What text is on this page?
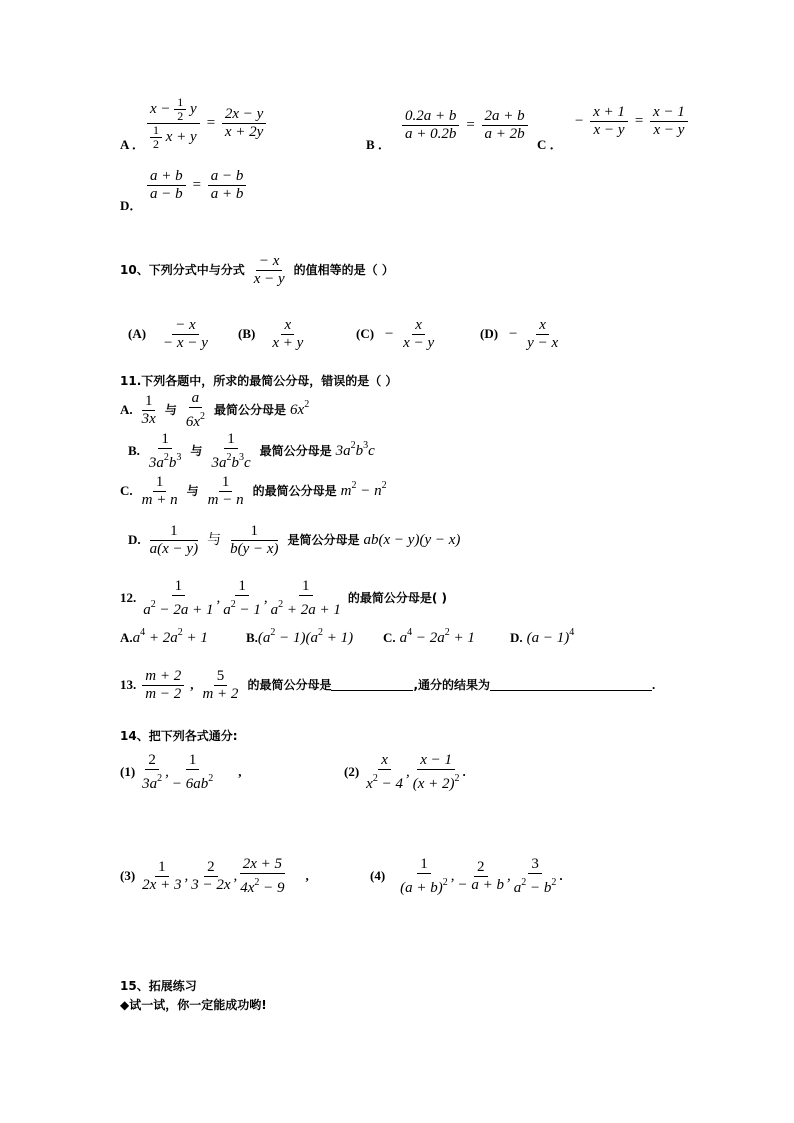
A ． $\frac{x - \frac{1}{2} y}{\frac{1}{2} x + y} = \frac{2x - y}{x + 2y}$
B ．
$\frac{0.2a + b}{a + 0.2b} = \frac{2a + b}{a + 2b}$
C ．
− $\frac{x + 1}{x - y} = \frac{x - 1}{x - y}$
D．
$\frac{a + b}{a - b} = \frac{a - b}{a + b}$
10、下列分式中与分式 $\frac{- x}{x - y}$ 的值相等的是（ ）
$(A) \frac{- x}{- x - y} (B) \frac{x}{x + y}$	$(C) - \frac{x}{x - y}$	$(D) - \frac{x}{y - x}$
11.下列各题中，所求的最简公分母，错误的是（ ）
A. $\frac{1}{3x}$ 与 $\frac{a}{6x^2}$ 最简公分母是 $6x^2$
B. $\frac{1}{3a^2b^3}$ 与 $\frac{1}{3a^2b^3c}$ 最简公分母是 $3a^2b^3c$
C. $\frac{1}{m + n}$ 与 $\frac{1}{m - n}$ 的最简公分母是 $m^2 - n^2$
D. $\frac{1}{a(x - y)}$ 与 $\frac{1}{b(y - x)}$ 是简公分母是 ab(x − y)(y − x)
12. $\frac{1}{a^2 - 2a + 1}$ , $\frac{1}{a^2 - 1}$ , $\frac{1}{a^2 + 2a + 1}$ 的最简公分母是( )
$A.a^4 + 2a^2 + 1$	$B.(a^2 - 1)(a^2 + 1)$ C. $a^4 - 2a^2 + 1$	D. $(a - 1)^4$
13. $\frac{m + 2}{m - 2}$ , $\frac{5}{m + 2}$ 的最简公分母是	,通分的结果为	.
14、把下列各式通分:
$(1) \frac{2}{3a^2}$ , $\frac{1}{- 6ab^2}$ ,	$(2) \frac{x}{x^2 - 4}$ , $\frac{x - 1}{(x + 2)^2}$ .
$(3) \frac{1}{2x + 3}$ , $\frac{2}{3 - 2x}$ , $\frac{2x + 5}{4x^2 - 9}$ ,	$(4) \frac{1}{(a + b)^2}$ , $\frac{2}{- a + b}$ , $\frac{3}{a^2 - b^2}$ .
15、拓展练习
◆试一试，你一定能成功哟!
